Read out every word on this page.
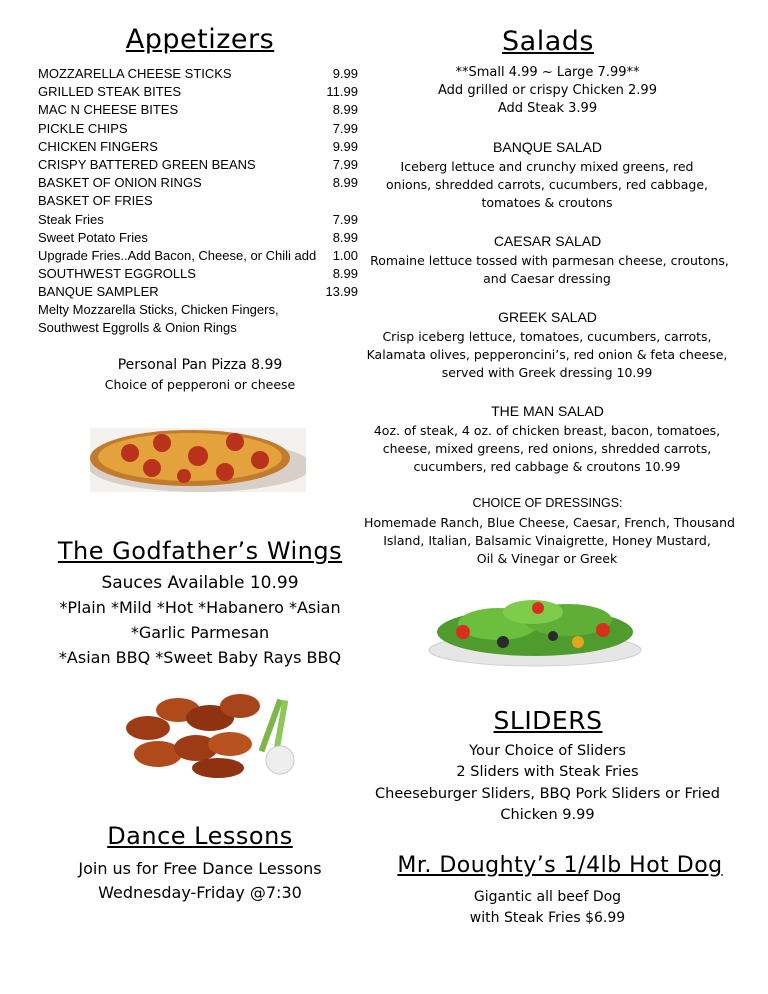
Appetizers
MOZZARELLA CHEESE STICKS	9.99
GRILLED STEAK BITES	11.99
MAC N CHEESE BITES	8.99
PICKLE CHIPS	7.99
CHICKEN FINGERS	9.99
CRISPY BATTERED GREEN BEANS	7.99
BASKET OF ONION RINGS	8.99
BASKET OF FRIES
Steak Fries	7.99
Sweet Potato Fries	8.99
Upgrade Fries..Add Bacon, Cheese, or Chili add 1.00
SOUTHWEST EGGROLLS	8.99
BANQUE SAMPLER	13.99
Melty Mozzarella Sticks, Chicken Fingers,
Southwest Eggrolls & Onion Rings
Personal Pan Pizza 8.99
Choice of pepperoni or cheese
The Godfather’s Wings
Sauces Available 10.99
*Plain *Mild *Hot *Habanero *Asian
*Garlic Parmesan
*Asian BBQ *Sweet Baby Rays BBQ
Dance Lessons
Join us for Free Dance Lessons
Wednesday-Friday @7:30
Salads
**Small 4.99 ~ Large 7.99**
Add grilled or crispy Chicken 2.99
Add Steak 3.99
BANQUE SALAD
Iceberg lettuce and crunchy mixed greens, red
onions, shredded carrots, cucumbers, red cabbage,
tomatoes & croutons
CAESAR SALAD
Romaine lettuce tossed with parmesan cheese, croutons,
and Caesar dressing
GREEK SALAD
Crisp iceberg lettuce, tomatoes, cucumbers, carrots,
Kalamata olives, pepperoncini’s, red onion & feta cheese,
served with Greek dressing 10.99
THE MAN SALAD
4oz. of steak, 4 oz. of chicken breast, bacon, tomatoes,
cheese, mixed greens, red onions, shredded carrots,
cucumbers, red cabbage & croutons 10.99
CHOICE OF DRESSINGS:
Homemade Ranch, Blue Cheese, Caesar, French, Thousand
Island, Italian, Balsamic Vinaigrette, Honey Mustard,
Oil & Vinegar or Greek
SLIDERS
Your Choice of Sliders
2 Sliders with Steak Fries
Cheeseburger Sliders, BBQ Pork Sliders or Fried
Chicken 9.99
Mr. Doughty’s 1/4lb Hot Dog
Gigantic all beef Dog
with Steak Fries $6.99
